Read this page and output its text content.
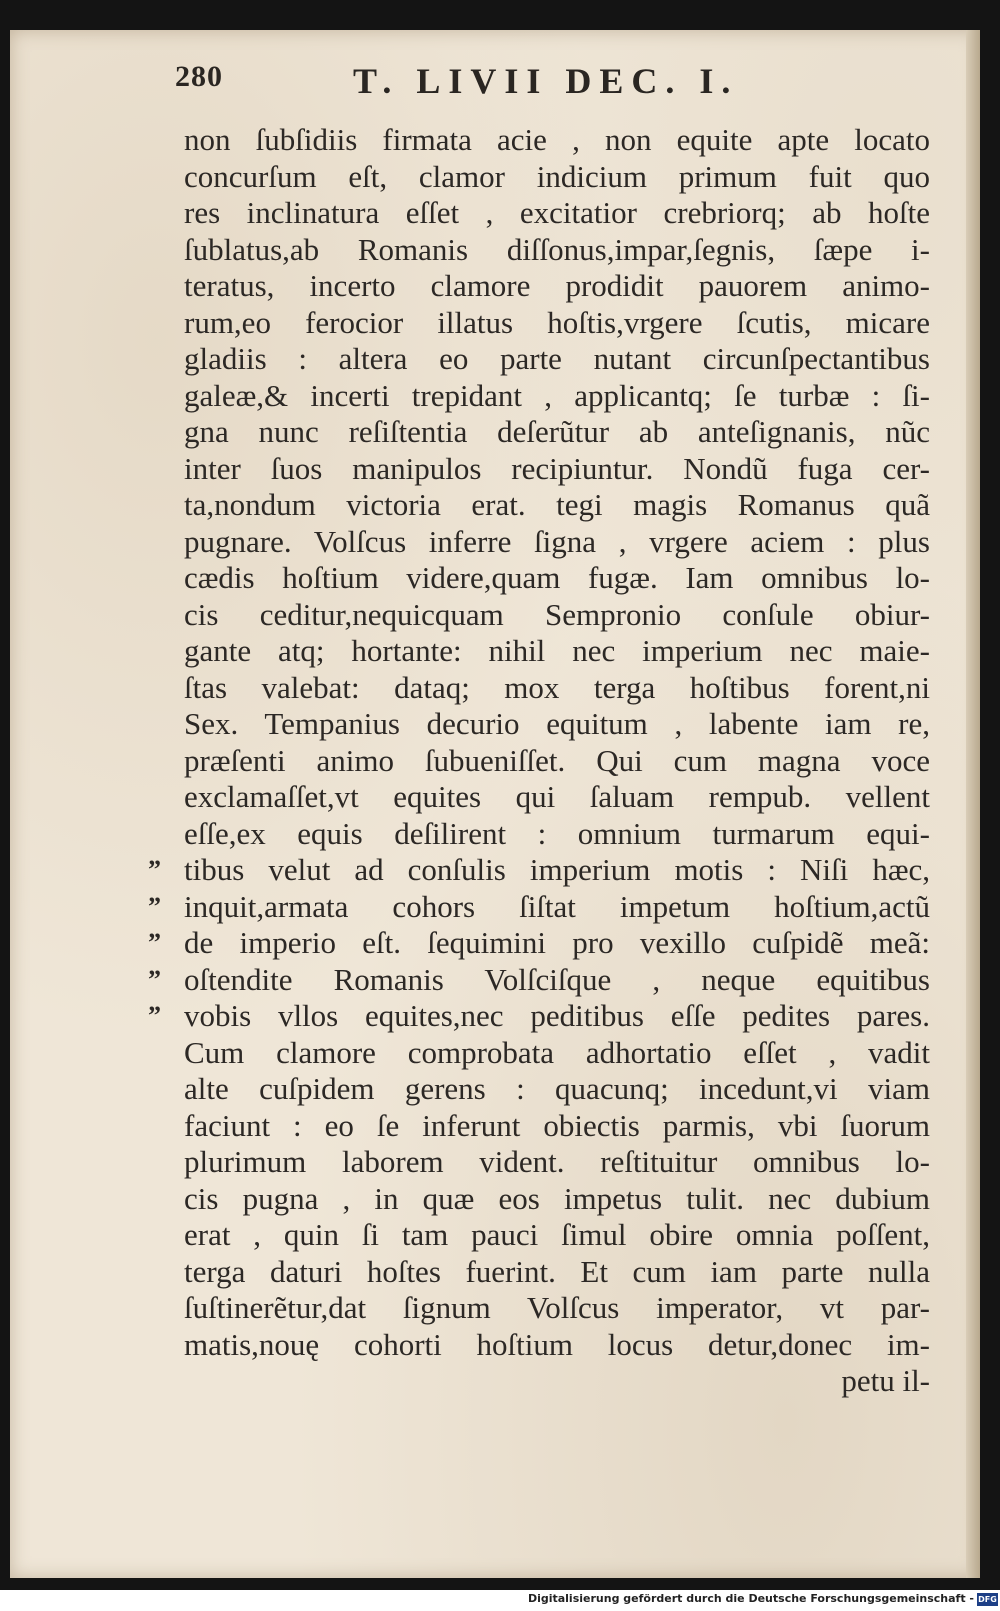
280	T. LIVII DEC. I.
non ſubſidiis firmata acie , non equite apte locato
concurſum eſt, clamor indicium primum fuit quo
res inclinatura eſſet , excitatior crebriorq; ab hoſte
ſublatus,ab Romanis diſſonus,impar,ſegnis, ſæpe i-
teratus, incerto clamore prodidit pauorem animo-
rum,eo ferocior illatus hoſtis,vrgere ſcutis, micare
gladiis : altera eo parte nutant circunſpectantibus
galeæ,& incerti trepidant , applicantq; ſe turbæ : ſi-
gna nunc reſiſtentia deſerũtur ab anteſignanis, nũc
inter ſuos manipulos recipiuntur. Nondũ fuga cer-
ta,nondum victoria erat. tegi magis Romanus quã
pugnare. Volſcus inferre ſigna , vrgere aciem : plus
cædis hoſtium videre,quam fugæ. Iam omnibus lo-
cis ceditur,nequicquam Sempronio conſule obiur-
gante atq; hortante: nihil nec imperium nec maie-
ſtas valebat: dataq; mox terga hoſtibus forent,ni
Sex. Tempanius decurio equitum , labente iam re,
præſenti animo ſubueniſſet. Qui cum magna voce
exclamaſſet,vt equites qui ſaluam rempub. vellent
eſſe,ex equis deſilirent : omnium turmarum equi-
” tibus velut ad conſulis imperium motis : Niſi hæc,
” inquit,armata cohors ſiſtat impetum hoſtium,actũ
” de imperio eſt. ſequimini pro vexillo cuſpidẽ meã:
” oſtendite Romanis Volſciſque , neque equitibus
” vobis vllos equites,nec peditibus eſſe pedites pares.
Cum clamore comprobata adhortatio eſſet , vadit
alte cuſpidem gerens : quacunq; incedunt,vi viam
faciunt : eo ſe inferunt obiectis parmis, vbi ſuorum
plurimum laborem vident. reſtituitur omnibus lo-
cis pugna , in quæ eos impetus tulit. nec dubium
erat , quin ſi tam pauci ſimul obire omnia poſſent,
terga daturi hoſtes fuerint. Et cum iam parte nulla
ſuſtinerẽtur,dat ſignum Volſcus imperator, vt par-
matis,nouę cohorti hoſtium locus detur,donec im-
petu il-
Digitalisierung gefördert durch die Deutsche Forschungsgemeinschaft - DFG
